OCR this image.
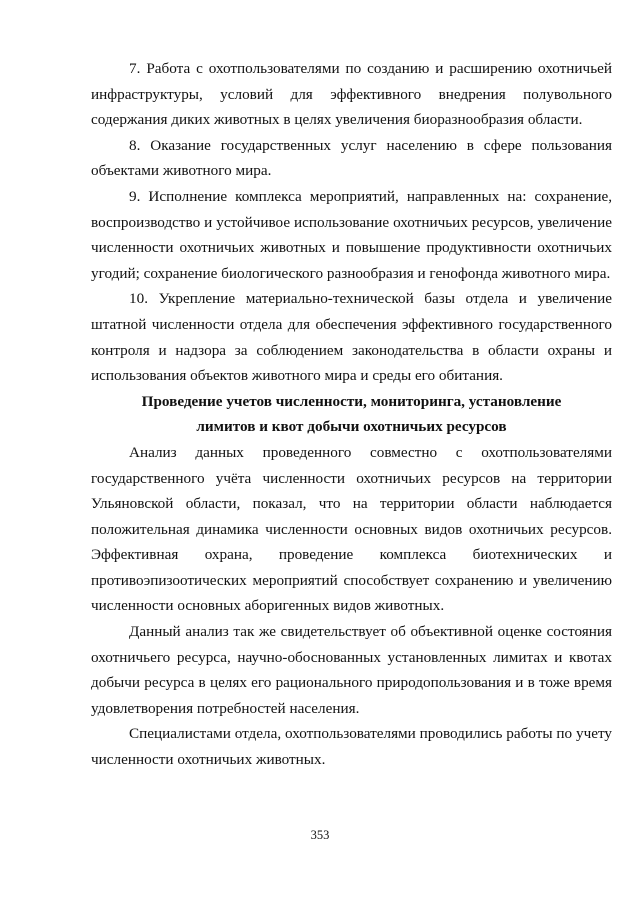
7. Работа с охотпользователями по созданию и расширению охотничьей инфраструктуры, условий для эффективного внедрения полувольного содержания диких животных в целях увеличения биоразнообразия области.

8. Оказание государственных услуг населению в сфере пользования объектами животного мира.

9. Исполнение комплекса мероприятий, направленных на: сохранение, воспроизводство и устойчивое использование охотничьих ресурсов, увеличение численности охотничьих животных и повышение продуктивности охотничьих угодий; сохранение биологического разнообразия и генофонда животного мира.

10. Укрепление материально-технической базы отдела и увеличение штатной численности отдела для обеспечения эффективного государственного контроля и надзора за соблюдением законодательства в области охраны и использования объектов животного мира и среды его обитания.

Проведение учетов численности, мониторинга, установление лимитов и квот добычи охотничьих ресурсов

Анализ данных проведенного совместно с охотпользователями государственного учёта численности охотничьих ресурсов на территории Ульяновской области, показал, что на территории области наблюдается положительная динамика численности основных видов охотничьих ресурсов. Эффективная охрана, проведение комплекса биотехнических и противоэпизоотических мероприятий способствует сохранению и увеличению численности основных аборигенных видов животных.

Данный анализ так же свидетельствует об объективной оценке состояния охотничьего ресурса, научно-обоснованных установленных лимитах и квотах добычи ресурса в целях его рационального природопользования и в тоже время удовлетворения потребностей населения.

Специалистами отдела, охотпользователями проводились работы по учету численности охотничьих животных.

353
